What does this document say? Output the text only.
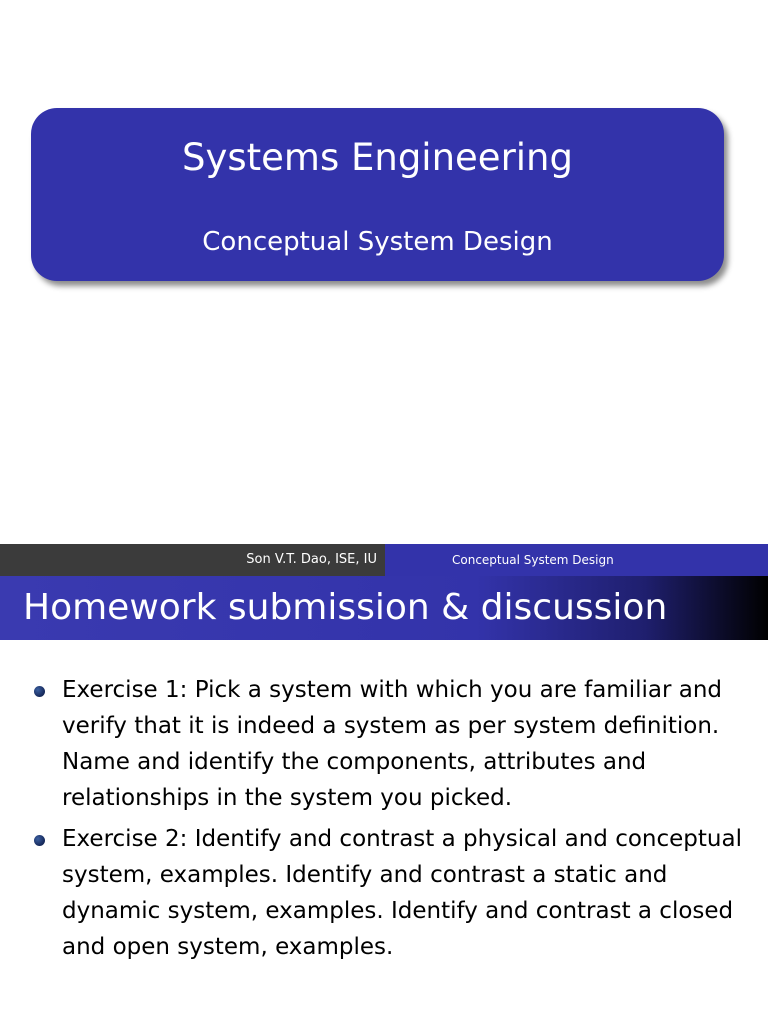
Systems Engineering
Conceptual System Design
Son V.T. Dao, ISE, IU	Conceptual System Design
Homework submission & discussion
Exercise 1: Pick a system with which you are familiar and verify that it is indeed a system as per system definition. Name and identify the components, attributes and relationships in the system you picked.
Exercise 2: Identify and contrast a physical and conceptual system, examples. Identify and contrast a static and dynamic system, examples. Identify and contrast a closed and open system, examples.
